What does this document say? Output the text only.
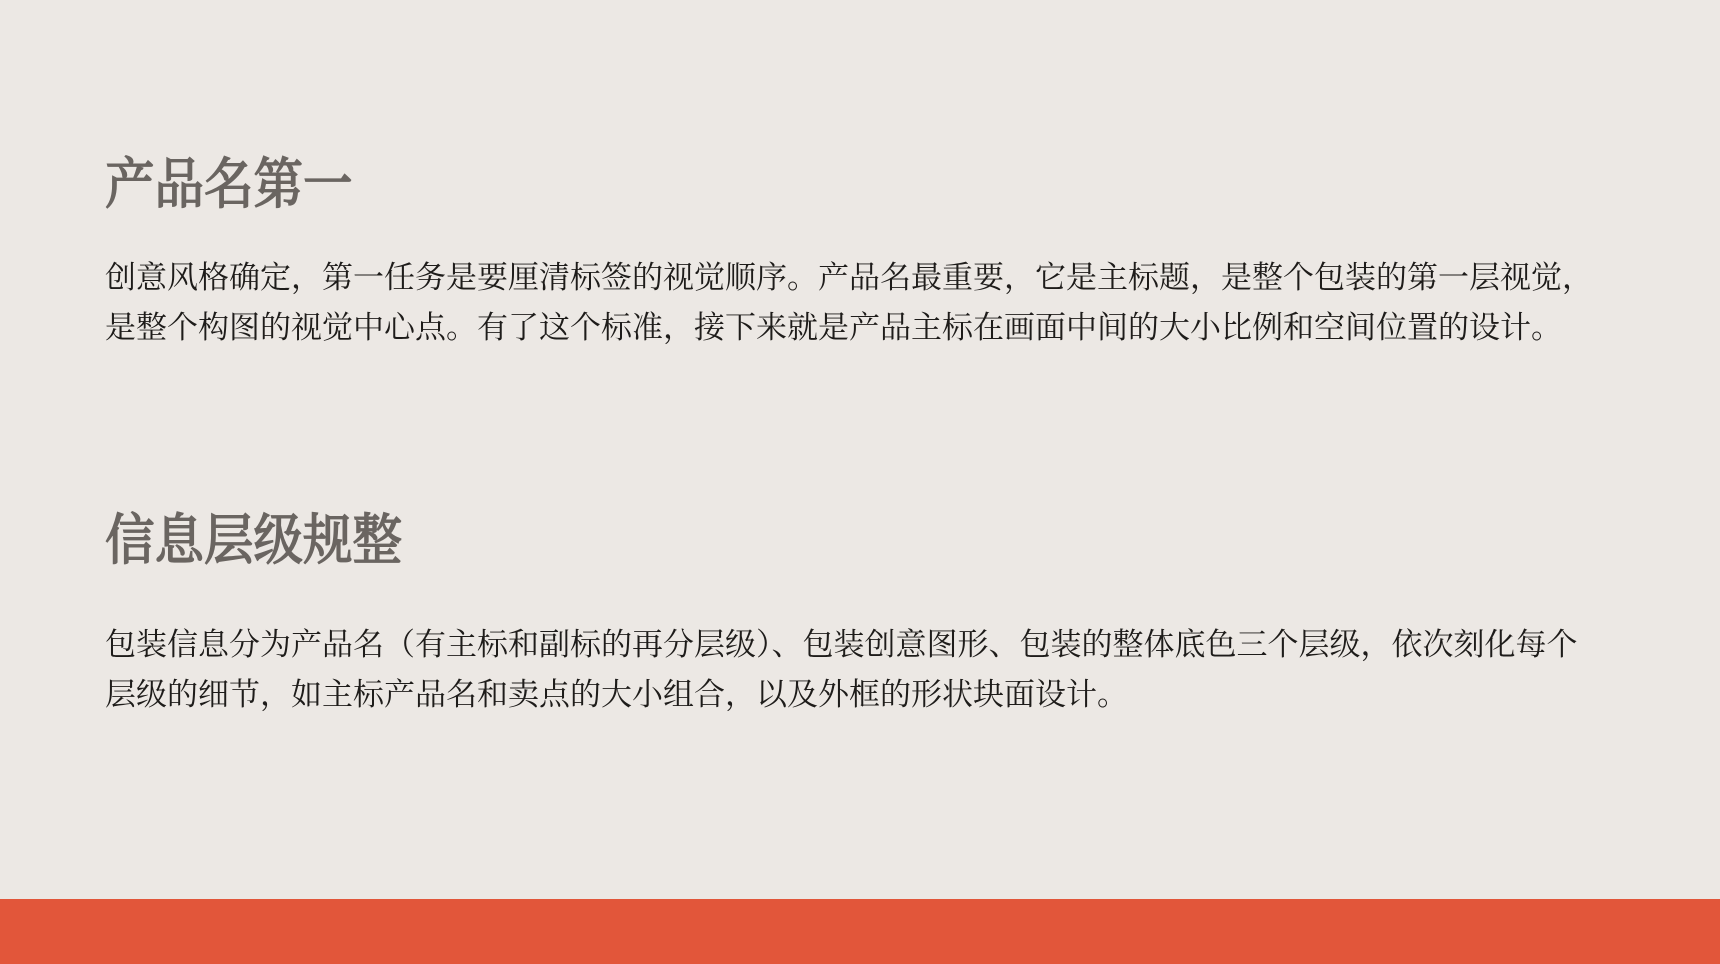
产品名第一

创意风格确定，第一任务是要厘清标签的视觉顺序。产品名最重要，它是主标题，是整个包装的第一层视觉，是整个构图的视觉中心点。有了这个标准，接下来就是产品主标在画面中间的大小比例和空间位置的设计。

信息层级规整

包装信息分为产品名（有主标和副标的再分层级）、包装创意图形、包装的整体底色三个层级，依次刻化每个层级的细节，如主标产品名和卖点的大小组合，以及外框的形状块面设计。
